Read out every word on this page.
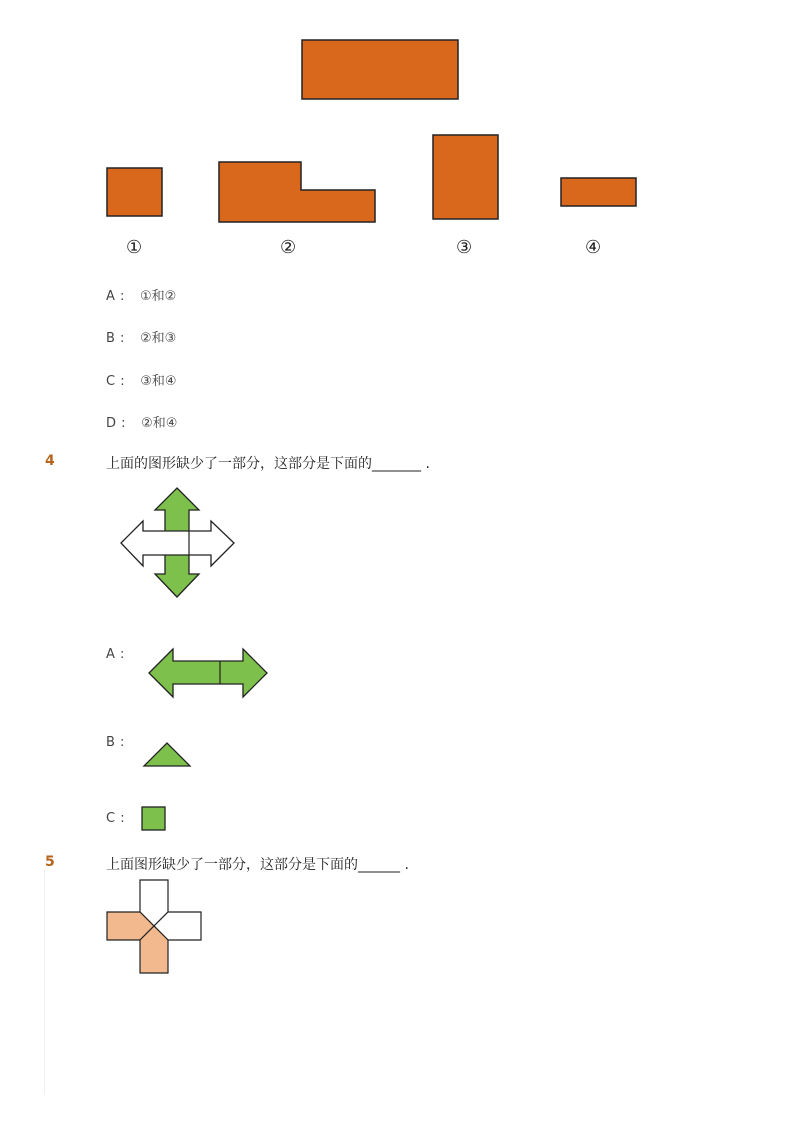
①	②	③	④
A : ①和②
B : ②和③
C : ③和④
D : ②和④
4	上面的图形缺少了一部分，这部分是下面的_______ .
A :
B :
C :
5	上面图形缺少了一部分，这部分是下面的______ .
